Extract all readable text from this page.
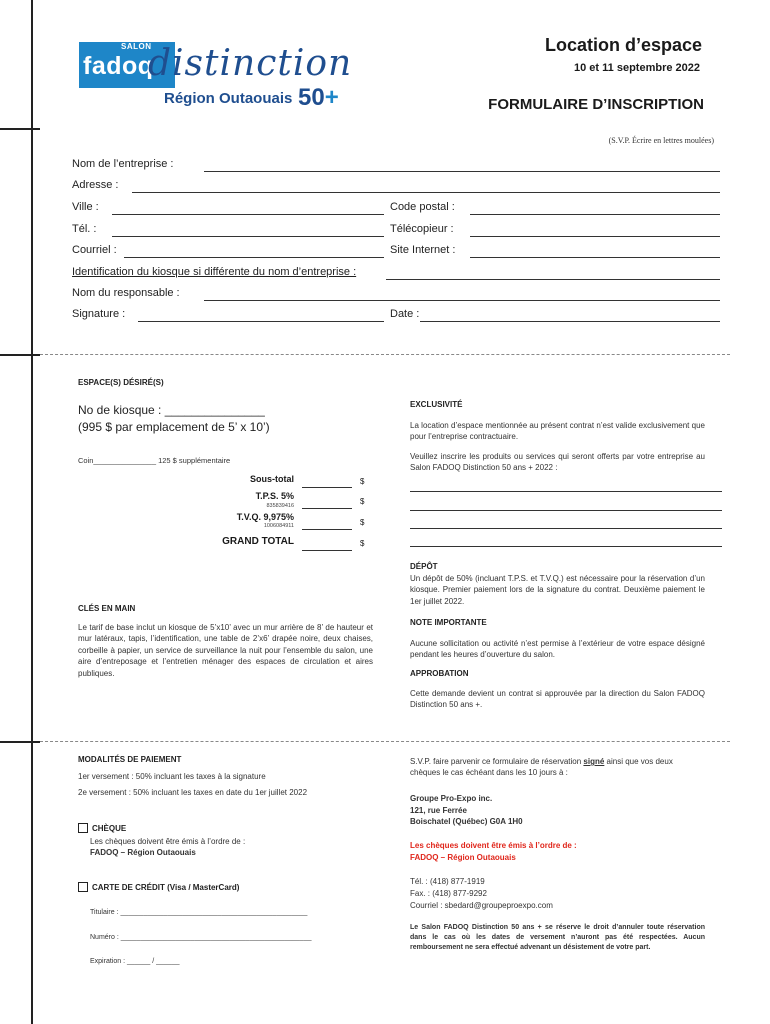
SALON
fadoq
distinction
Région Outaouais 50+
Location d’espace
10 et 11 septembre 2022
FORMULAIRE D’INSCRIPTION
(S.V.P. Écrire en lettres moulées)
Nom de l’entreprise :
Adresse :
Ville :	Code postal :
Tél. :	Télécopieur :
Courriel :	Site Internet :
Identification du kiosque si différente du nom d’entreprise :
Nom du responsable :
Signature :	Date :
ESPACE(S) DÉSIRÉ(S)
No de kiosque : _______________
(995 $ par emplacement de 5’ x 10’)
Coin_______________ 125 $ supplémentaire
Sous-total	$
T.P.S. 5%
835839416	$
T.V.Q. 9,975%
1006084911	$
GRAND TOTAL	$
EXCLUSIVITÉ
La location d’espace mentionnée au présent contrat n’est valide exclusivement que pour l’entreprise contractuaire.
Veuillez inscrire les produits ou services qui seront offerts par votre entreprise au Salon FADOQ Distinction 50 ans + 2022 :
DÉPÔT
Un dépôt de 50% (incluant T.P.S. et T.V.Q.) est nécessaire pour la réservation d’un kiosque. Premier paiement lors de la signature du contrat. Deuxième paiement le 1er juillet 2022.
CLÉS EN MAIN
Le tarif de base inclut un kiosque de 5’x10’ avec un mur arrière de 8’ de hauteur et mur latéraux, tapis, l’identification, une table de 2’x6’ drapée noire, deux chaises, corbeille à papier, un service de surveillance la nuit pour l’ensemble du salon, une aire d’entreposage et l’entretien ménager des espaces de circulation et aires publiques.
NOTE IMPORTANTE
Aucune sollicitation ou activité n’est permise à l’extérieur de votre espace désigné pendant les heures d’ouverture du salon.
APPROBATION
Cette demande devient un contrat si approuvée par la direction du Salon FADOQ Distinction 50 ans +.
MODALITÉS DE PAIEMENT
1er versement : 50% incluant les taxes à la signature
2e versement : 50% incluant les taxes en date du 1er juillet 2022
CHÈQUE
Les chèques doivent être émis à l’ordre de :
FADOQ – Région Outaouais
CARTE DE CRÉDIT (Visa / MasterCard)
Titulaire : ________________________________________________
Numéro : _________________________________________________
Expiration : ______ / ______
S.V.P. faire parvenir ce formulaire de réservation signé ainsi que vos deux chèques le cas échéant dans les 10 jours à :
Groupe Pro-Expo inc.
121, rue Ferrée
Boischatel (Québec) G0A 1H0
Les chèques doivent être émis à l’ordre de :
FADOQ – Région Outaouais
Tél. : (418) 877-1919
Fax. : (418) 877-9292
Courriel : sbedard@groupeproexpo.com
Le Salon FADOQ Distinction 50 ans + se réserve le droit d’annuler toute réservation dans le cas où les dates de versement n’auront pas été respectées. Aucun remboursement ne sera effectué advenant un désistement de votre part.
